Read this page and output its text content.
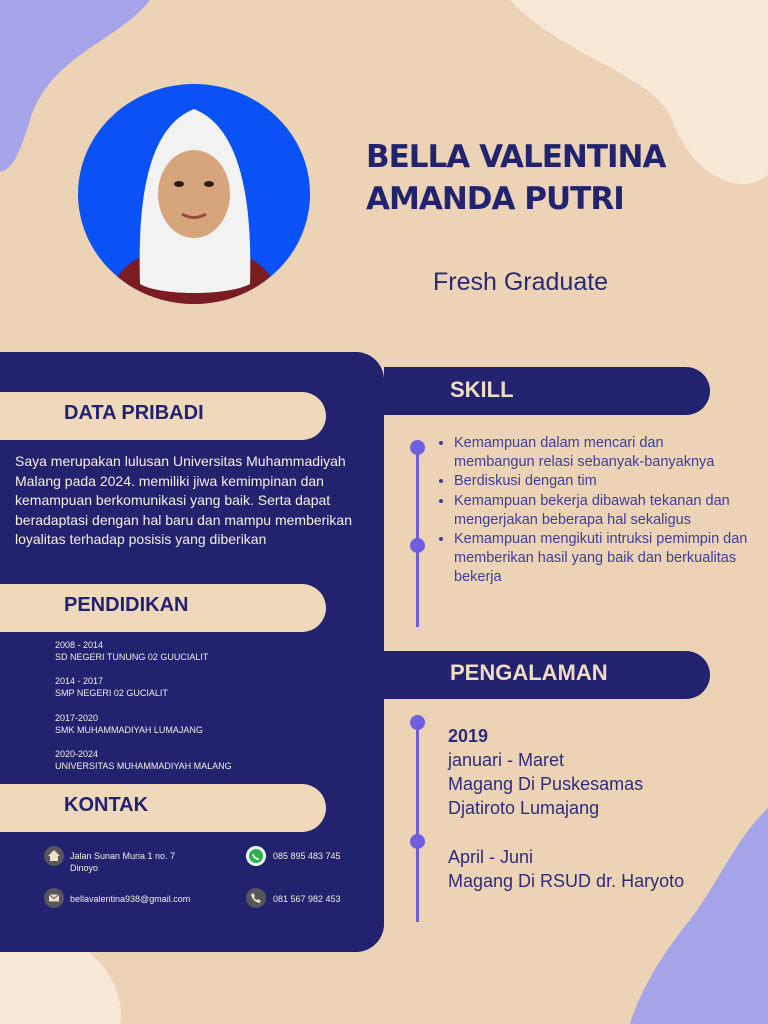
BELLA VALENTINA
AMANDA PUTRI
Fresh Graduate
DATA PRIBADI
Saya merupakan lulusan Universitas Muhammadiyah Malang pada 2024. memiliki jiwa kemimpinan dan kemampuan berkomunikasi yang baik. Serta dapat beradaptasi dengan hal baru dan mampu memberikan loyalitas terhadap posisis yang diberikan
PENDIDIKAN
2008 - 2014
SD NEGERI TUNUNG 02 GUUCIALIT
2014 - 2017
SMP NEGERI 02 GUCIALIT
2017-2020
SMK MUHAMMADIYAH LUMAJANG
2020-2024
UNIVERSITAS MUHAMMADIYAH MALANG
KONTAK
Jalan Sunan Muria 1 no. 7
Dinoyo
085 895 483 745
bellavalentina938@gmail.com	081 567 982 453
SKILL
• Kemampuan dalam mencari dan membangun relasi sebanyak-banyaknya
• Berdiskusi dengan tim
• Kemampuan bekerja dibawah tekanan dan mengerjakan beberapa hal sekaligus
• Kemampuan mengikuti intruksi pemimpin dan memberikan hasil yang baik dan berkualitas bekerja
PENGALAMAN
2019
januari - Maret
Magang Di Puskesamas
Djatiroto Lumajang
April - Juni
Magang Di RSUD dr. Haryoto
